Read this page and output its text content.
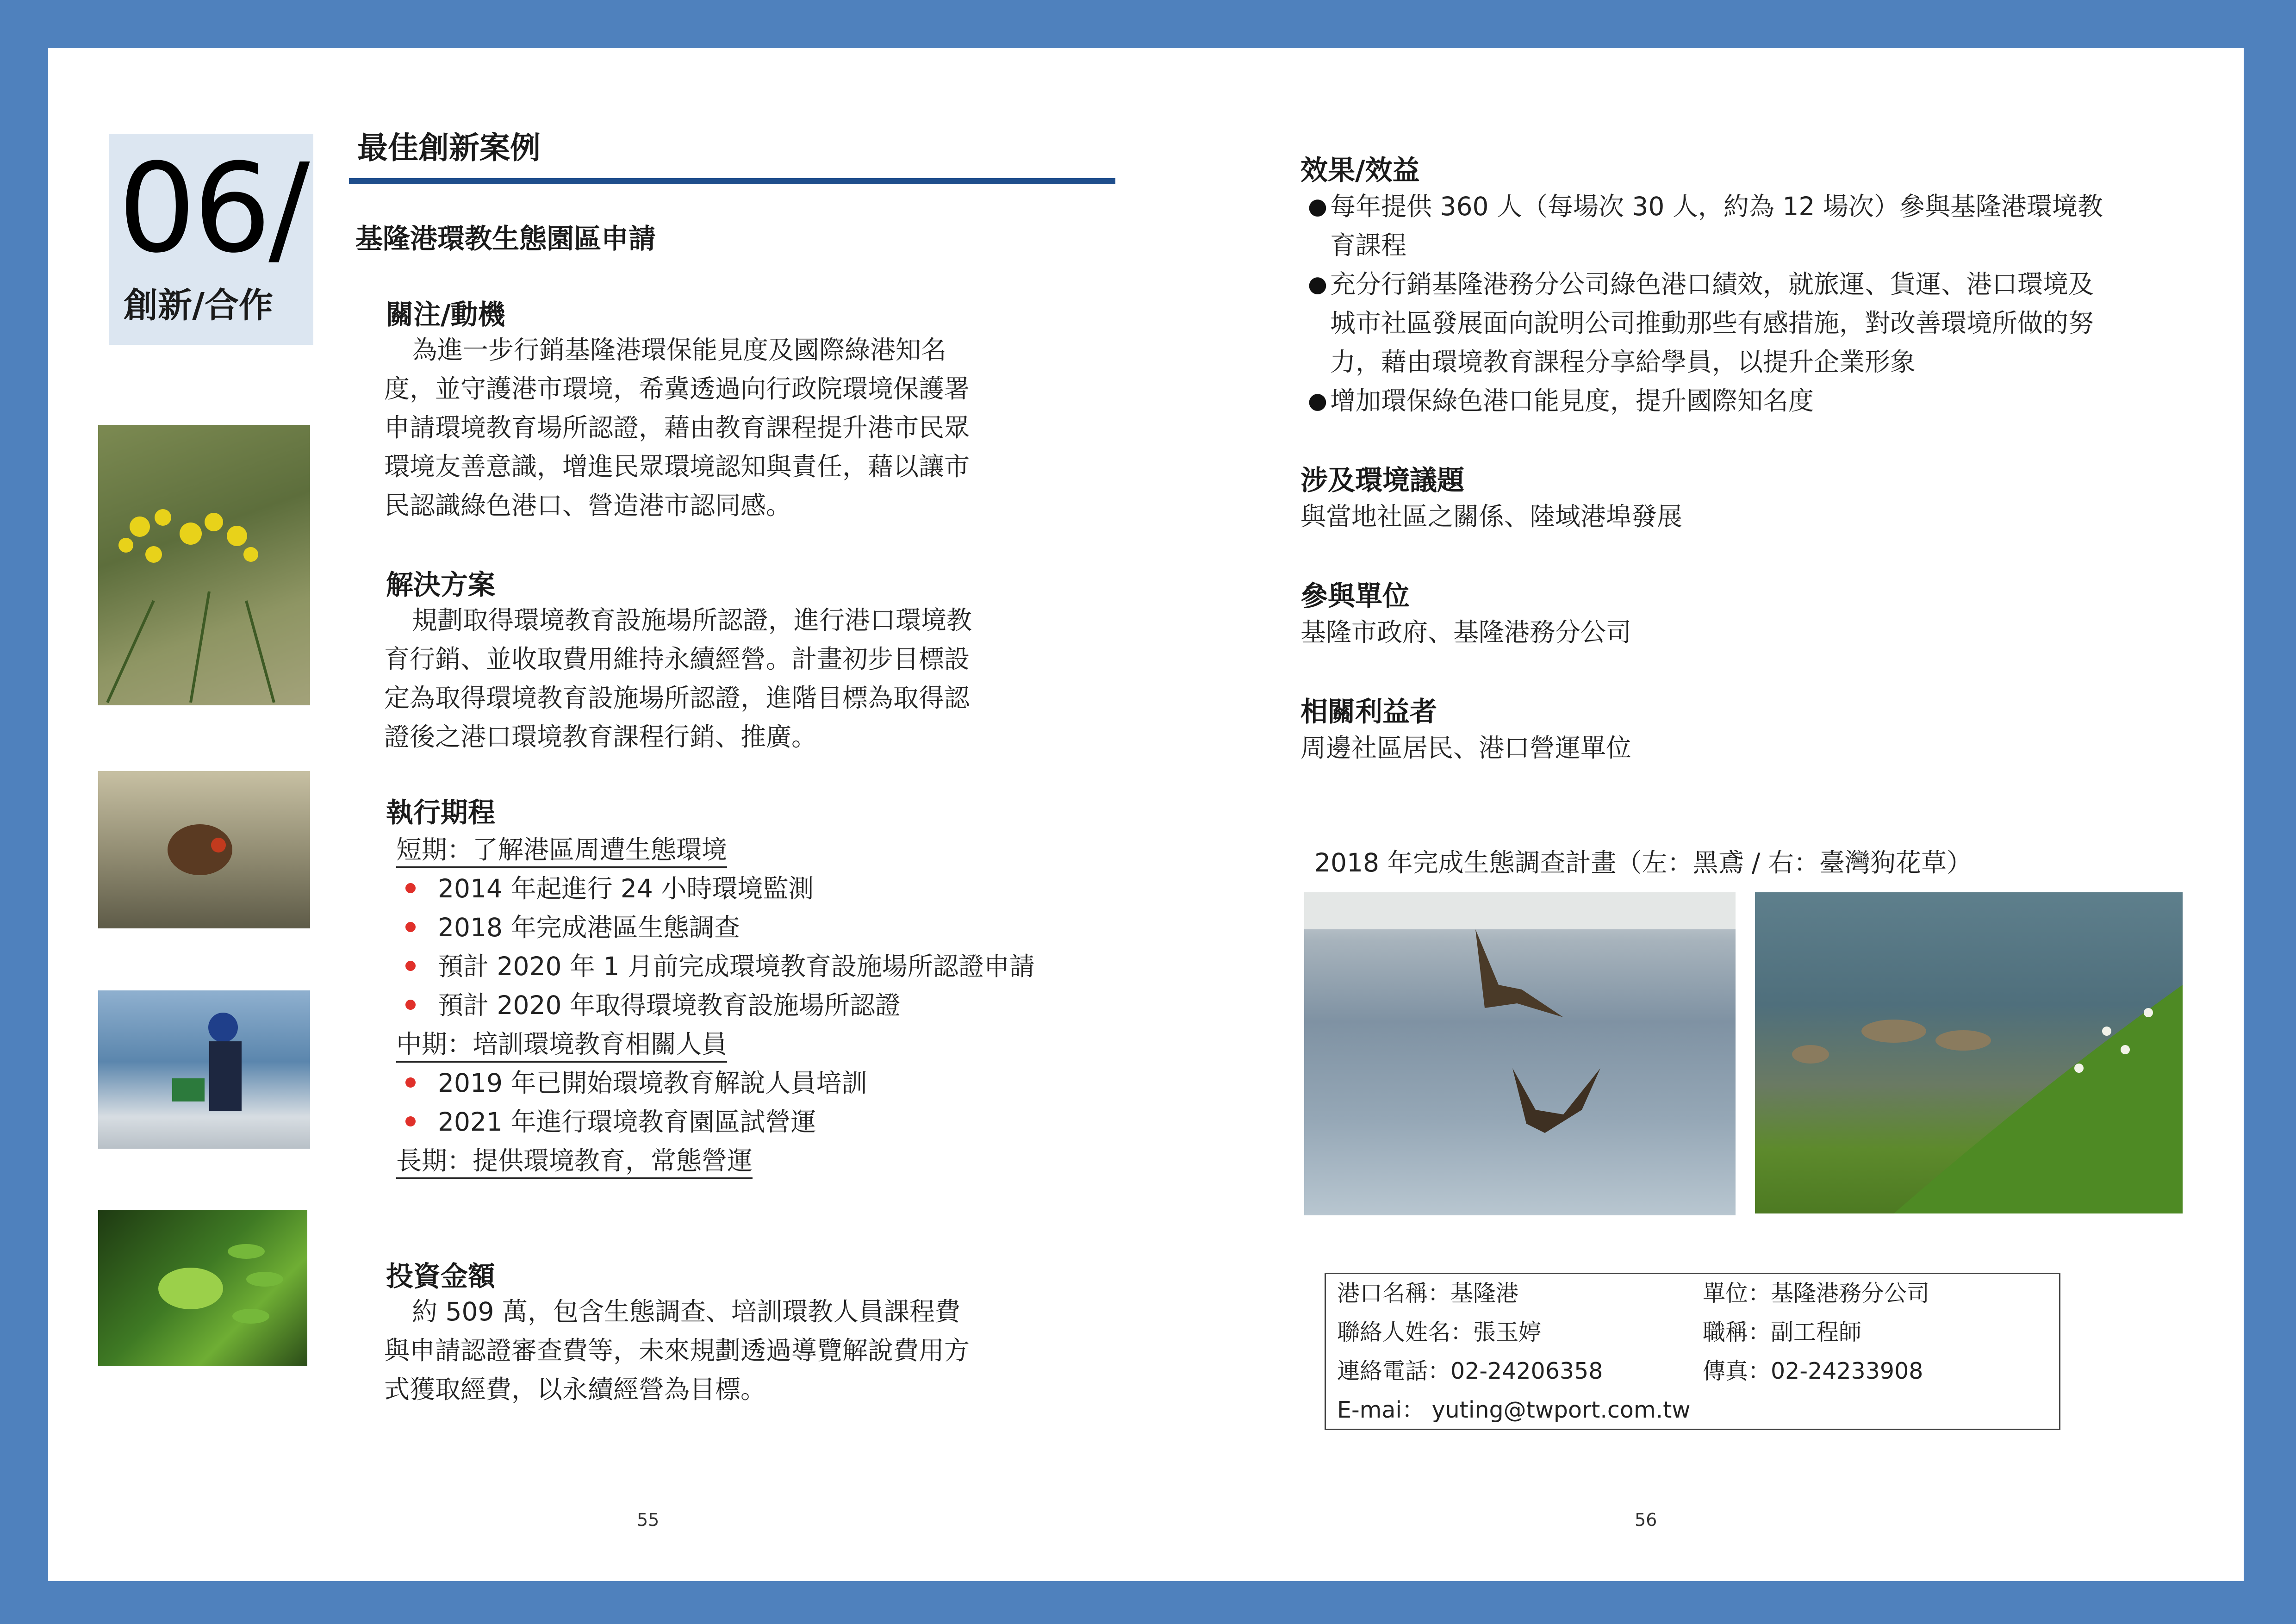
06/
創新/合作
最佳創新案例
基隆港環教生態園區申請
關注/動機

為進一步行銷基隆港環保能見度及國際綠港知名

度，並守護港市環境，希冀透過向行政院環境保護署
申請環境教育場所認證，藉由教育課程提升港市民眾
環境友善意識，增進民眾環境認知與責任，藉以讓市
民認識綠色港口、營造港市認同感。
解決方案

規劃取得環境教育設施場所認證，進行港口環境教

育行銷、並收取費用維持永續經營。計畫初步目標設
定為取得環境教育設施場所認證，進階目標為取得認
證後之港口環境教育課程行銷、推廣。
執行期程
短期：了解港區周遭生態環境
2014 年起進行 24 小時環境監測
2018 年完成港區生態調查
預計 2020 年 1 月前完成環境教育設施場所認證申請
預計 2020 年取得環境教育設施場所認證
中期：培訓環境教育相關人員
2019 年已開始環境教育解說人員培訓
2021 年進行環境教育園區試營運
長期：提供環境教育，常態營運
投資金額

約 509 萬，包含生態調查、培訓環教人員課程費

與申請認證審查費等，未來規劃透過導覽解說費用方
式獲取經費，以永續經營為目標。
55
效果/效益
● 每年提供 360 人（每場次 30 人，約為 12 場次）參與基隆港環境教
育課程
● 充分行銷基隆港務分公司綠色港口績效，就旅運、貨運、港口環境及
城市社區發展面向說明公司推動那些有感措施，對改善環境所做的努
力，藉由環境教育課程分享給學員，以提升企業形象
● 增加環保綠色港口能見度，提升國際知名度
涉及環境議題
與當地社區之關係、陸域港埠發展
參與單位
基隆市政府、基隆港務分公司
相關利益者
周邊社區居民、港口營運單位
2018 年完成生態調查計畫（左：黑鳶 / 右：臺灣狗花草）
港口名稱：基隆港	單位：基隆港務分公司
聯絡人姓名：張玉婷	職稱：副工程師
連絡電話：02-24206358	傳真：02-24233908
E-mai： yuting@twport.com.tw
56
